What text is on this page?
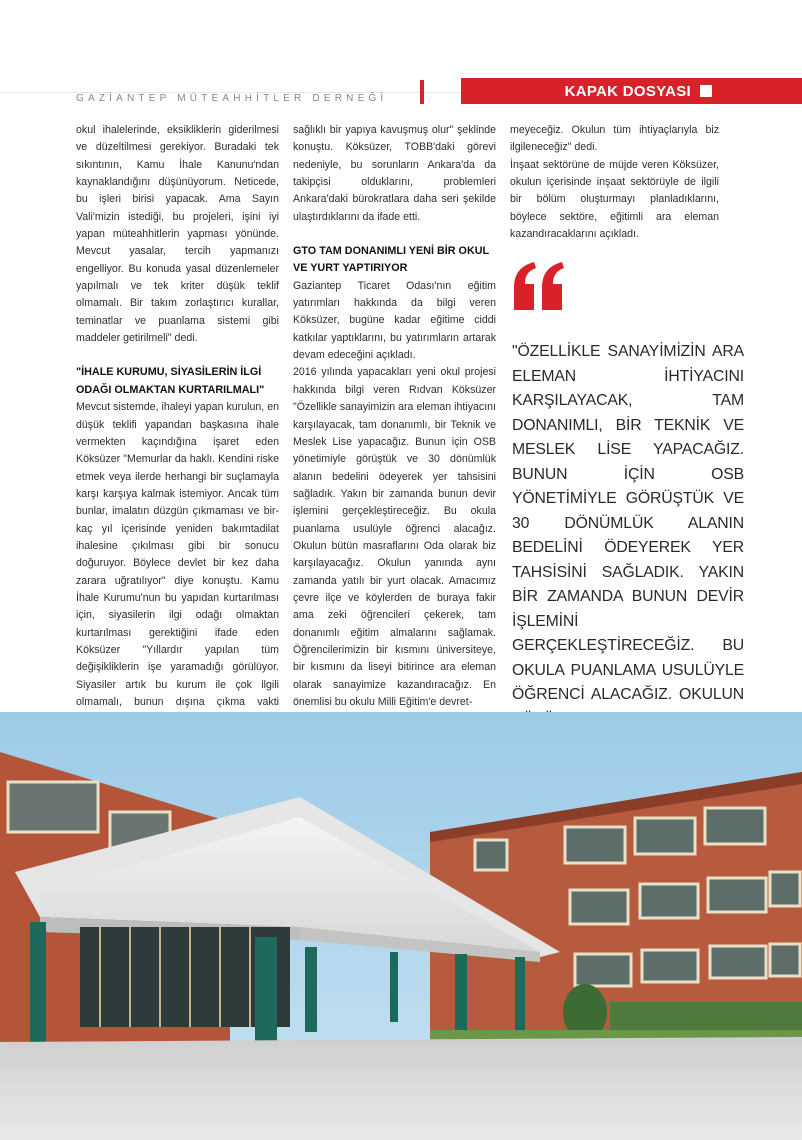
GAZİANTEP MÜTEAHHİTLER DERNEĞİ	KAPAK DOSYASI

okul ihalelerinde, eksikliklerin giderilmesi ve düzeltilmesi gerekiyor. Buradaki tek sıkıntının, Kamu İhale Kanunu'ndan kaynaklandığını düşünüyorum. Neticede, bu işleri birisi yapacak. Ama Sayın Vali'mizin istediği, bu projeleri, işini iyi yapan müteahhitlerin yapması yönünde. Mevcut yasalar, tercih yapmanızı engelliyor. Bu konuda yasal düzenlemeler yapılmalı ve tek kriter düşük teklif olmamalı. Bir takım zorlaştırıcı kurallar, teminatlar ve puanlama sistemi gibi maddeler getirilmeli" dedi.

"İHALE KURUMU, SİYASİLERİN İLGİ ODAĞI OLMAKTAN KURTARILMALI"

Mevcut sistemde, ihaleyi yapan kurulun, en düşük teklifi yapandan başkasına ihale vermekten kaçındığına işaret eden Köksüzer "Memurlar da haklı. Kendini riske etmek veya ilerde herhangi bir suçlamayla karşı karşıya kalmak istemiyor. Ancak tüm bunlar, imalatın düzgün çıkmaması ve bir-kaç yıl içerisinde yeniden bakımtadilat ihalesine çıkılması gibi bir sonucu doğuruyor. Böylece devlet bir kez daha zarara uğratılıyor" diye konuştu. Kamu İhale Kurumu'nun bu yapıdan kurtarılması için, siyasilerin ilgi odağı olmaktan kurtarılması gerektiğini ifade eden Köksüzer "Yıllardır yapılan tüm değişikliklerin işe yaramadığı görülüyor. Siyasiler artık bu kurum ile çok ilgili olmamalı, bunun dışına çıkma vakti

sağlıklı bir yapıya kavuşmuş olur" şeklinde konuştu. Köksüzer, TOBB'daki görevi nedeniyle, bu sorunların Ankara'da da takipçisi olduklarını, problemleri Ankara'daki bürokratlara daha seri şekilde ulaştırdıklarını da ifade etti.

GTO TAM DONANIMLI YENİ BİR OKUL VE YURT YAPTIRIYOR

Gaziantep Ticaret Odası'nın eğitim yatırımları hakkında da bilgi veren Köksüzer, bugüne kadar eğitime ciddi katkılar yaptıklarını, bu yatırımların artarak devam edeceğini açıkladı.

2016 yılında yapacakları yeni okul projesi hakkında bilgi veren Rıdvan Köksüzer "Özellikle sanayimizin ara eleman ihtiyacını karşılayacak, tam donanımlı, bir Teknik ve Meslek Lise yapacağız. Bunun için OSB yönetimiyle görüştük ve 30 dönümlük alanın bedelini ödeyerek yer tahsisini sağladık. Yakın bir zamanda bunun devir işlemini gerçekleştireceğiz. Bu okula puanlama usulüyle öğrenci alacağız. Okulun bütün masraflarını Oda olarak biz karşılayacağız. Okulun yanında aynı zamanda yatılı bir yurt olacak. Amacımız çevre ilçe ve köylerden de buraya fakir ama zeki öğrencileri çekerek, tam donanımlı eğitim almalarını sağlamak. Öğrencilerimizin bir kısmını üniversiteye, bir kısmını da liseyi bitirince ara eleman olarak sanayimize kazandıracağız. En önemlisi bu okulu Milli Eğitim'e devret-

meyeceğiz. Okulun tüm ihtiyaçlarıyla biz ilgileneceğiz" dedi.

İnşaat sektörüne de müjde veren Köksüzer, okulun içerisinde inşaat sektörüyle de ilgili bir bölüm oluşturmayı planladıklarını, böylece sektöre, eğitimli ara eleman kazandıracaklarını açıkladı.

"ÖZELLİKLE SANAYİMİZİN ARA ELEMAN İHTİYACINI KARŞILAYACAK, TAM DONANIMLI, BİR TEKNİK VE MESLEK LİSE YAPACAĞIZ. BUNUN İÇİN OSB YÖNETİMİYLE GÖRÜŞTÜK VE 30 DÖNÜMLÜK ALANIN BEDELİNİ ÖDEYEREK YER TAHSİSİNİ SAĞLADIK. YAKIN BİR ZAMANDA BUNUN DEVİR İŞLEMİNİ GERÇEKLEŞTİRECEĞİZ. BU OKULA PUANLAMA USULÜYLE ÖĞRENCİ ALACAĞIZ. OKULUN
